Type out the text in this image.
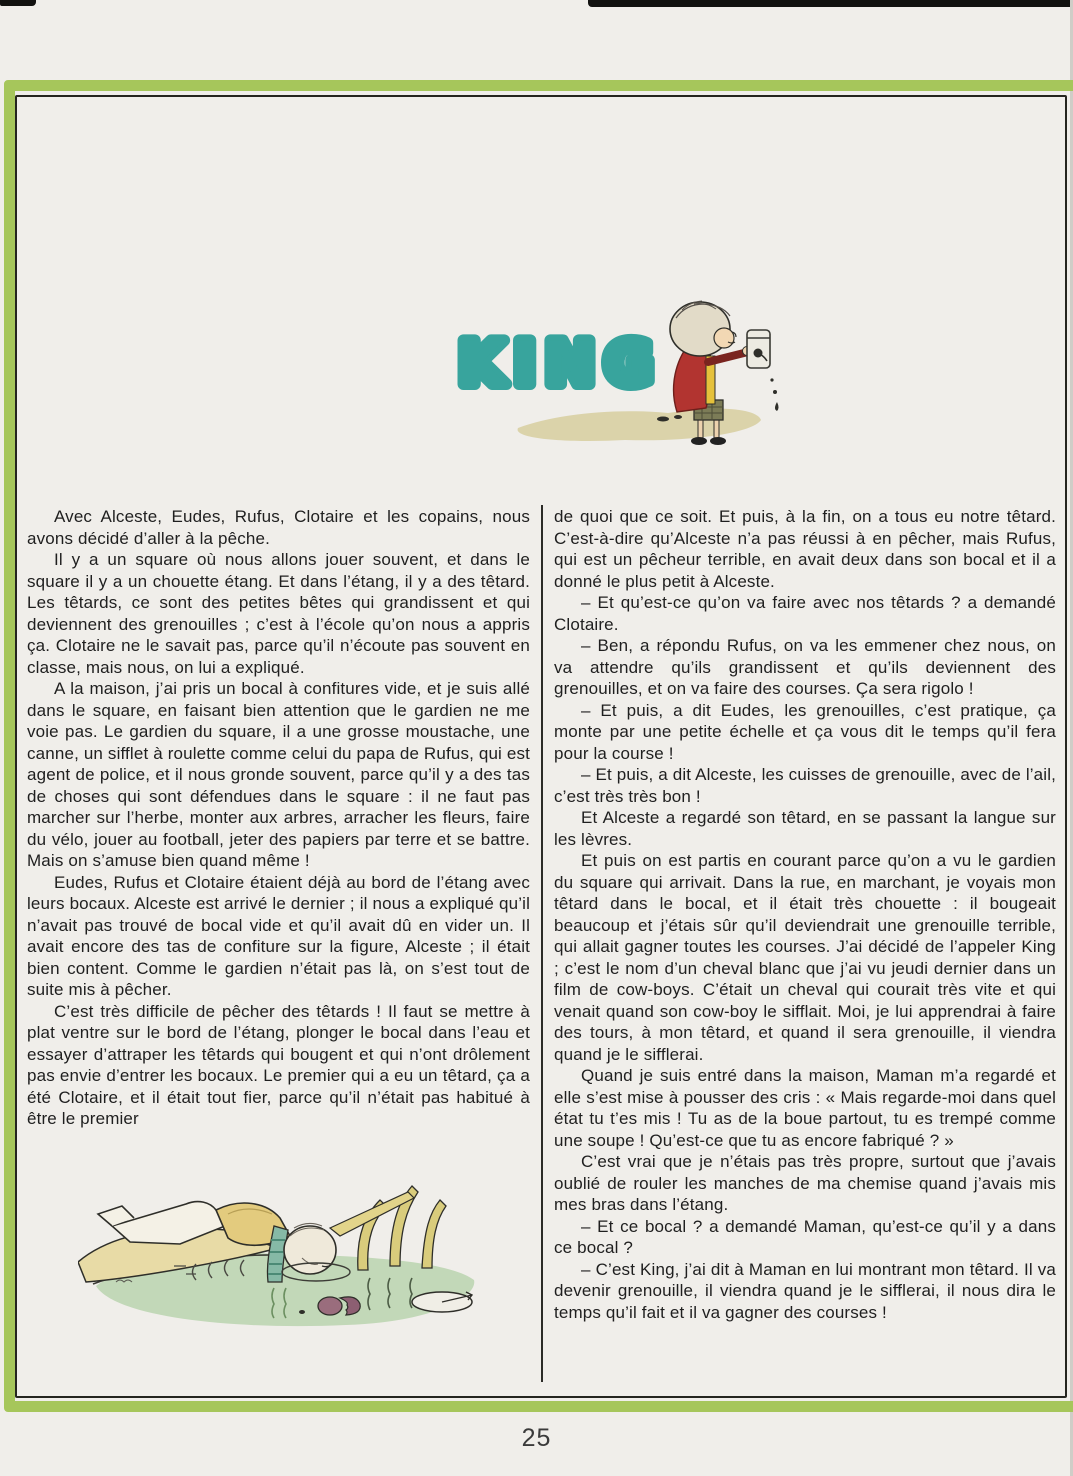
KING

Avec Alceste, Eudes, Rufus, Clotaire et les copains, nous avons décidé d’aller à la pêche.

Il y a un square où nous allons jouer souvent, et dans le square il y a un chouette étang. Et dans l’étang, il y a des têtard. Les têtards, ce sont des petites bêtes qui grandissent et qui deviennent des grenouilles ; c’est à l’école qu’on nous a appris ça. Clotaire ne le savait pas, parce qu’il n’écoute pas souvent en classe, mais nous, on lui a expliqué.

A la maison, j’ai pris un bocal à confitures vide, et je suis allé dans le square, en faisant bien attention que le gardien ne me voie pas. Le gardien du square, il a une grosse moustache, une canne, un sifflet à roulette comme celui du papa de Rufus, qui est agent de police, et il nous gronde souvent, parce qu’il y a des tas de choses qui sont défendues dans le square : il ne faut pas marcher sur l’herbe, monter aux arbres, arracher les fleurs, faire du vélo, jouer au football, jeter des papiers par terre et se battre. Mais on s’amuse bien quand même !

Eudes, Rufus et Clotaire étaient déjà au bord de l’étang avec leurs bocaux. Alceste est arrivé le dernier ; il nous a expliqué qu’il n’avait pas trouvé de bocal vide et qu’il avait dû en vider un. Il avait encore des tas de confiture sur la figure, Alceste ; il était bien content. Comme le gardien n’était pas là, on s’est tout de suite mis à pêcher.

C’est très difficile de pêcher des têtards ! Il faut se mettre à plat ventre sur le bord de l’étang, plonger le bocal dans l’eau et essayer d’attraper les têtards qui bougent et qui n’ont drôlement pas envie d’entrer les bocaux. Le premier qui a eu un têtard, ça a été Clotaire, et il était tout fier, parce qu’il n’était pas habitué à être le premier

de quoi que ce soit. Et puis, à la fin, on a tous eu notre têtard. C’est-à-dire qu’Alceste n’a pas réussi à en pêcher, mais Rufus, qui est un pêcheur terrible, en avait deux dans son bocal et il a donné le plus petit à Alceste.

– Et qu’est-ce qu’on va faire avec nos têtards ? a demandé Clotaire.

– Ben, a répondu Rufus, on va les emmener chez nous, on va attendre qu’ils grandissent et qu’ils deviennent des grenouilles, et on va faire des courses. Ça sera rigolo !

– Et puis, a dit Eudes, les grenouilles, c’est pratique, ça monte par une petite échelle et ça vous dit le temps qu’il fera pour la course !

– Et puis, a dit Alceste, les cuisses de grenouille, avec de l’ail, c’est très très bon !

Et Alceste a regardé son têtard, en se passant la langue sur les lèvres.

Et puis on est partis en courant parce qu’on a vu le gardien du square qui arrivait. Dans la rue, en marchant, je voyais mon têtard dans le bocal, et il était très chouette : il bougeait beaucoup et j’étais sûr qu’il deviendrait une grenouille terrible, qui allait gagner toutes les courses. J’ai décidé de l’appeler King ; c’est le nom d’un cheval blanc que j’ai vu jeudi dernier dans un film de cow-boys. C’était un cheval qui courait très vite et qui venait quand son cow-boy le sifflait. Moi, je lui apprendrai à faire des tours, à mon têtard, et quand il sera grenouille, il viendra quand je le sifflerai.

Quand je suis entré dans la maison, Maman m’a regardé et elle s’est mise à pousser des cris : « Mais regarde-moi dans quel état tu t’es mis ! Tu as de la boue partout, tu es trempé comme une soupe ! Qu’est-ce que tu as encore fabriqué ? »

C’est vrai que je n’étais pas très propre, surtout que j’avais oublié de rouler les manches de ma chemise quand j’avais mis mes bras dans l’étang.

– Et ce bocal ? a demandé Maman, qu’est-ce qu’il y a dans ce bocal ?

– C’est King, j’ai dit à Maman en lui montrant mon têtard. Il va devenir grenouille, il viendra quand je le sifflerai, il nous dira le temps qu’il fait et il va gagner des courses !

25
